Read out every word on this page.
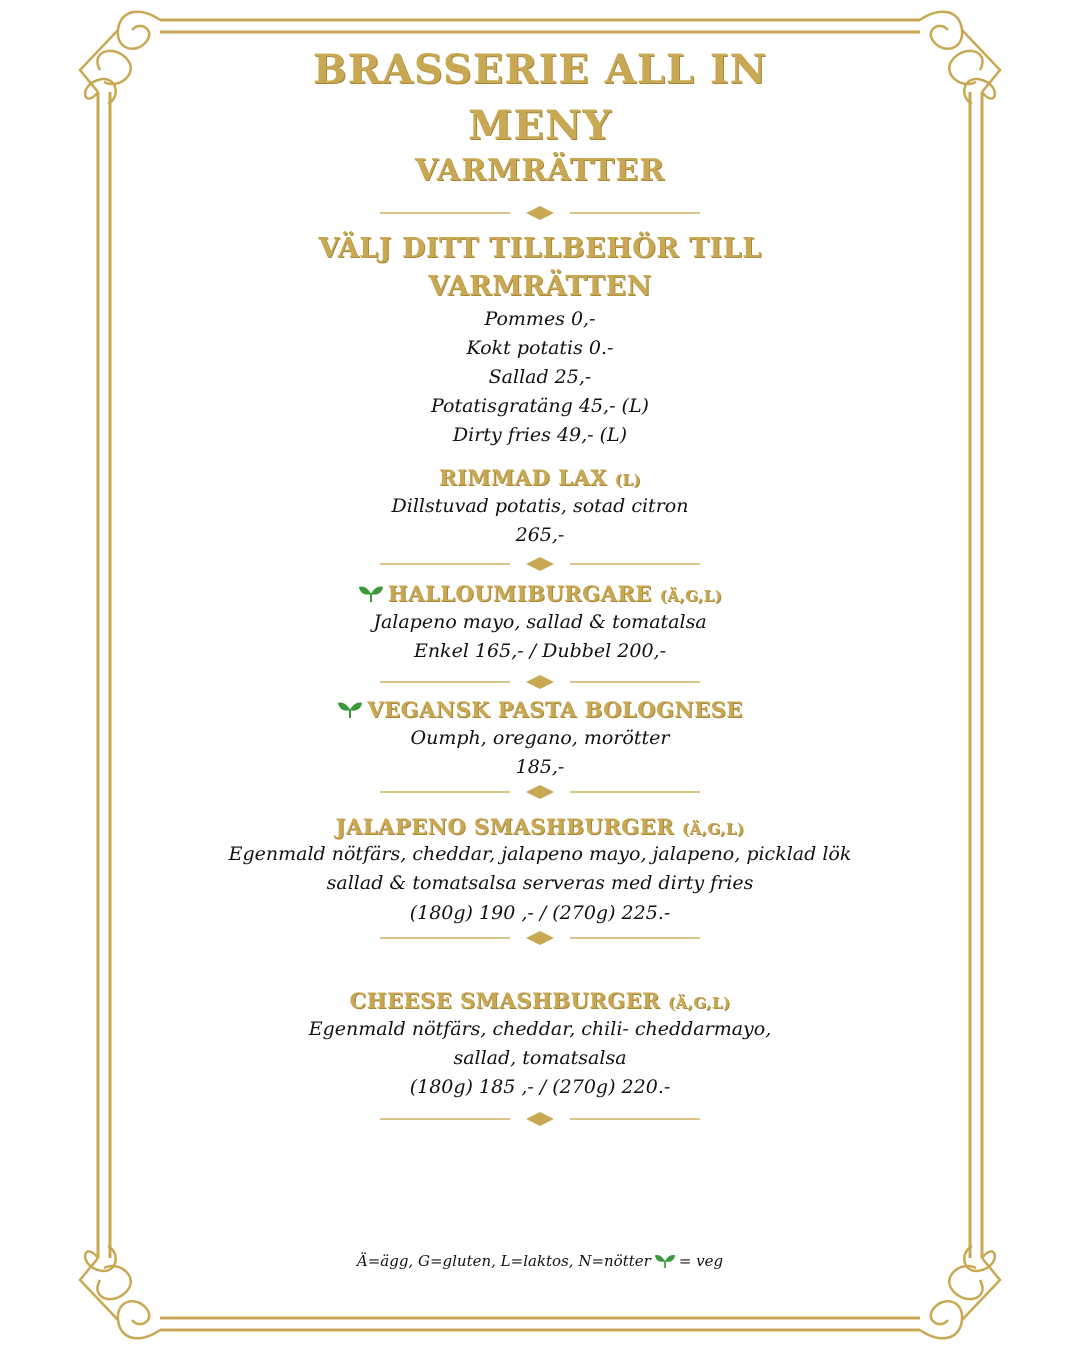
BRASSERIE ALL IN
MENY
VARMRÄTTER
VÄLJ DITT TILLBEHÖR TILL
VARMRÄTTEN
Pommes 0,-
Kokt potatis 0.-
Sallad 25,-
Potatisgratäng 45,- (L)
Dirty fries 49,- (L)
RIMMAD LAX (L)
Dillstuvad potatis, sotad citron
265,-
HALLOUMIBURGARE (Ä,G,L)
Jalapeno mayo, sallad & tomatalsa
Enkel 165,- / Dubbel 200,-
VEGANSK PASTA BOLOGNESE
Oumph, oregano, morötter
185,-
JALAPENO SMASHBURGER (Ä,G,L)
Egenmald nötfärs, cheddar, jalapeno mayo, jalapeno, picklad lök
sallad & tomatsalsa serveras med dirty fries
(180g) 190 ,- / (270g) 225.-
CHEESE SMASHBURGER (Ä,G,L)
Egenmald nötfärs, cheddar, chili- cheddarmayo,
sallad, tomatsalsa
(180g) 185 ,- / (270g) 220.-
Ä=ägg, G=gluten, L=laktos, N=nötter = veg
